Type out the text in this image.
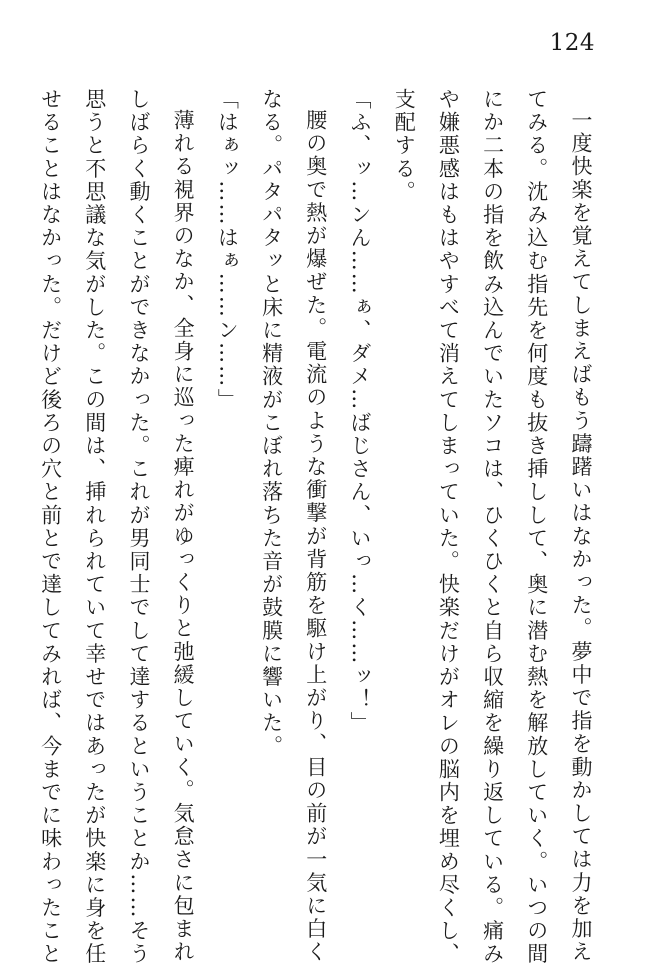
124

一度快楽を覚えてしまえばもう躊躇いはなかった。夢中で指を動かしては力を加え

てみる。沈み込む指先を何度も抜き挿しして、奥に潜む熱を解放していく。いつの間

にか二本の指を飲み込んでいたソコは、ひくひくと自ら収縮を繰り返している。痛み

や嫌悪感はもはやすべて消えてしまっていた。快楽だけがオレの脳内を埋め尽くし、

支配する。

「ふ、ッ…ンん……ぁ、ダメ…ばじさん、いっ…く……ッ！」

腰の奥で熱が爆ぜた。電流のような衝撃が背筋を駆け上がり、目の前が一気に白く

なる。パタパタッと床に精液がこぼれ落ちた音が鼓膜に響いた。

「はぁッ……はぁ……ン……」

薄れる視界のなか、全身に巡った痺れがゆっくりと弛緩していく。気怠さに包まれ

しばらく動くことができなかった。これが男同士でして達するということか……そう

思うと不思議な気がした。この間は、挿れられていて幸せではあったが快楽に身を任

せることはなかった。だけど後ろの穴と前とで達してみれば、今までに味わったこと
